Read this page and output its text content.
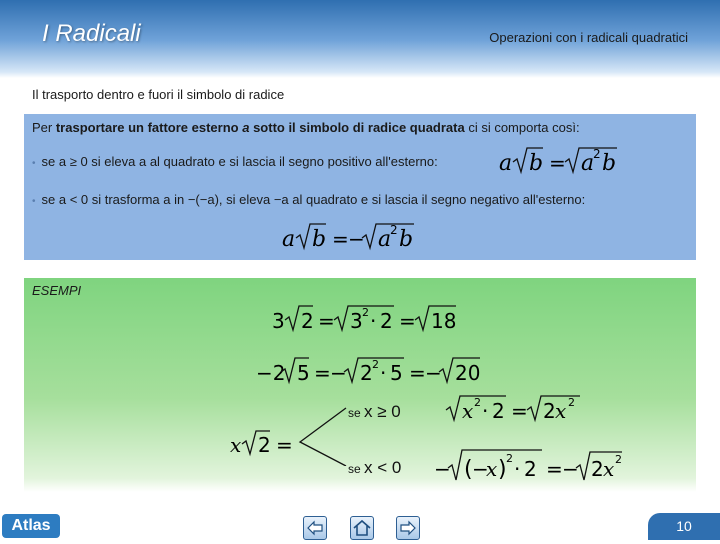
I Radicali	Operazioni con i radicali quadratici
Il trasporto dentro e fuori il simbolo di radice
Per trasportare un fattore esterno a sotto il simbolo di radice quadrata ci si comporta così:
• se a ≥ 0 si eleva a al quadrato e si lascia il segno positivo all'esterno:	a b = a
2 b
• se a < 0 si trasforma a in −(−a), si eleva −a al quadrato e si lascia il segno negativo all'esterno:
a b = − a
2 b
ESEMPI
3 2 = 3 2 · 2 = 18
−2 5 = − 2 2 · 5 = − 20
x 2 =
se x ≥ 0
se x < 0
x 2 · 2 = 2 x 2
− ( −
x ) 2 · 2 = − 2 x 2
Atlas	10
